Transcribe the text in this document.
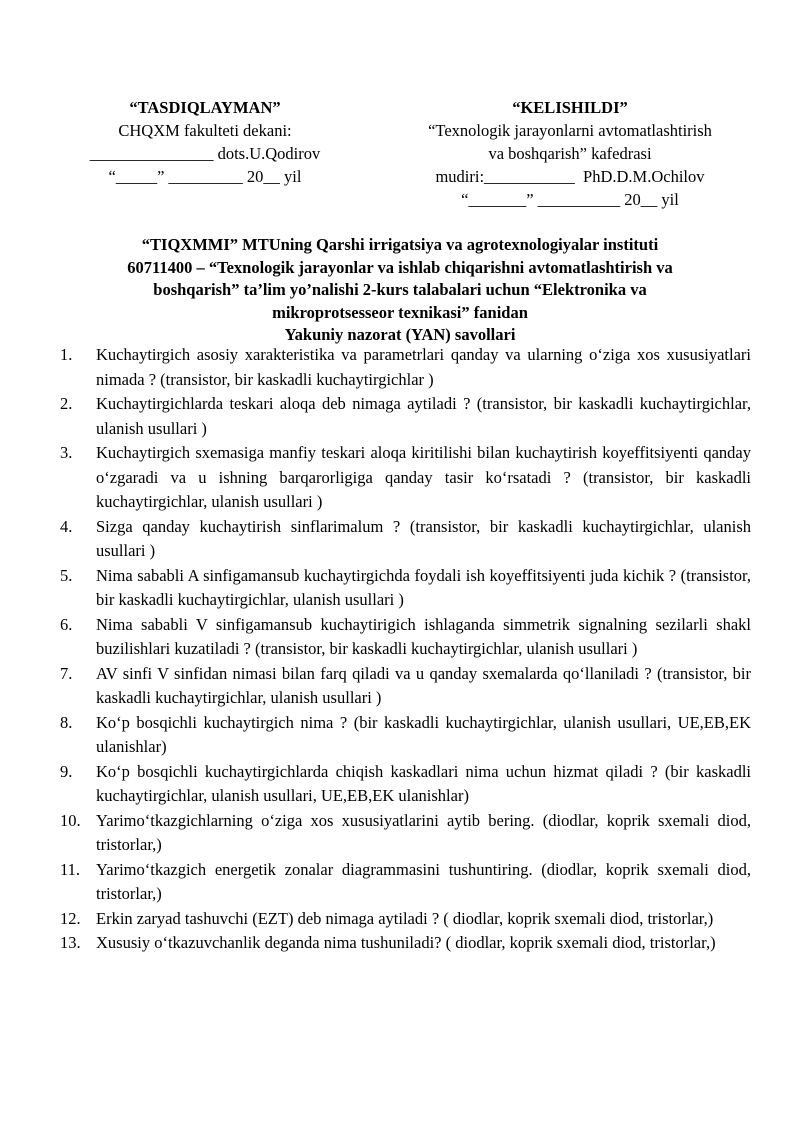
“TASDIQLAYMAN”
CHQXM fakulteti dekani:
_______________ dots.U.Qodirov
“_____” _________ 20__ yil
“KELISHILDI”
“Texnologik jarayonlarni avtomatlashtirish
va boshqarish” kafedrasi
mudiri:___________  PhD.D.M.Ochilov
“_______” __________ 20__ yil
“TIQXMMI” MTUning Qarshi irrigatsiya va agrotexnologiyalar instituti
60711400 – “Texnologik jarayonlar va ishlab chiqarishni avtomatlashtirish va
boshqarish” ta’lim yo’nalishi 2-kurs talabalari uchun “Elektronika va
mikroprotsesseor texnikasi” fanidan
Yakuniy nazorat (YAN) savollari
1.	Kuchaytirgich asosiy xarakteristika va parametrlari qanday va ularning o‘ziga xos xususiyatlari nimada ? (transistor, bir kaskadli kuchaytirgichlar )
2.	Kuchaytirgichlarda teskari aloqa deb nimaga aytiladi ? (transistor, bir kaskadli kuchaytirgichlar, ulanish usullari )
3.	Kuchaytirgich sxemasiga manfiy teskari aloqa kiritilishi bilan kuchaytirish koyeffitsiyenti qanday o‘zgaradi va u ishning barqarorligiga qanday tasir ko‘rsatadi ? (transistor, bir kaskadli kuchaytirgichlar, ulanish usullari )
4.	Sizga qanday kuchaytirish sinflarimalum ? (transistor, bir kaskadli kuchaytirgichlar, ulanish usullari )
5.	Nima sababli A sinfigamansub kuchaytirgichda foydali ish koyeffitsiyenti juda kichik ? (transistor, bir kaskadli kuchaytirgichlar, ulanish usullari )
6.	Nima sababli V sinfigamansub kuchaytirigich ishlaganda simmetrik signalning sezilarli shakl buzilishlari kuzatiladi ? (transistor, bir kaskadli kuchaytirgichlar, ulanish usullari )
7.	AV sinfi V sinfidan nimasi bilan farq qiladi va u qanday sxemalarda qo‘llaniladi ? (transistor, bir kaskadli kuchaytirgichlar, ulanish usullari )
8.	Ko‘p bosqichli kuchaytirgich nima ? (bir kaskadli kuchaytirgichlar, ulanish usullari, UE,EB,EK ulanishlar)
9.	Ko‘p bosqichli kuchaytirgichlarda chiqish kaskadlari nima uchun hizmat qiladi ? (bir kaskadli kuchaytirgichlar, ulanish usullari, UE,EB,EK ulanishlar)
10. Yarimo‘tkazgichlarning o‘ziga xos xususiyatlarini aytib bering. (diodlar, koprik sxemali diod, tristorlar,)
11. Yarimo‘tkazgich energetik zonalar diagrammasini tushuntiring. (diodlar, koprik sxemali diod, tristorlar,)
12. Erkin zaryad tashuvchi (EZT) deb nimaga aytiladi ? ( diodlar, koprik sxemali diod, tristorlar,)
13. Xususiy o‘tkazuvchanlik deganda nima tushuniladi? ( diodlar, koprik sxemali diod, tristorlar,)
